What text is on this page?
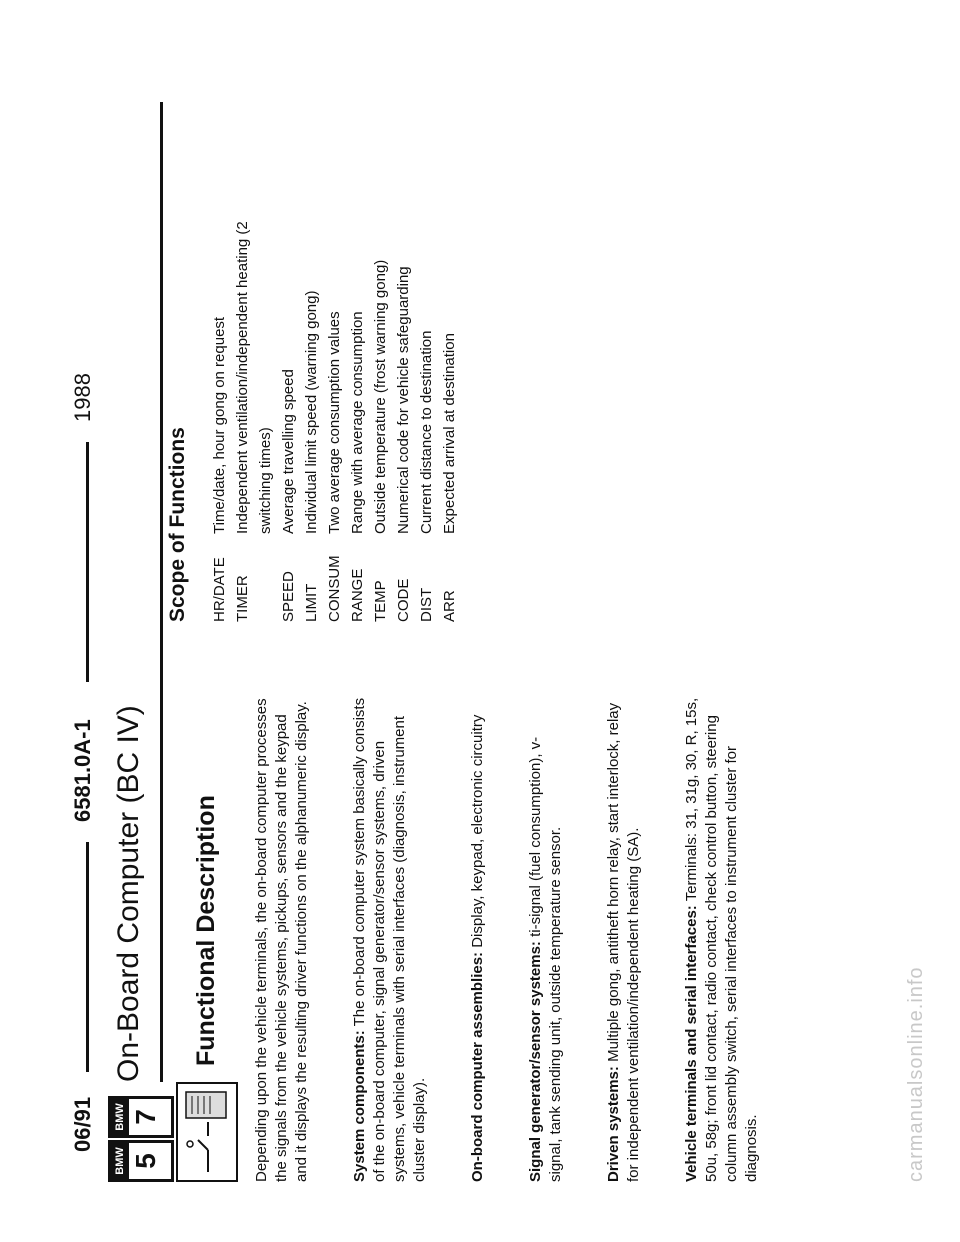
06/91
6581.0A-1
1988
BMW 5
BMW 7
On-Board Computer (BC IV) Functional Description
Scope of Functions

Depending upon the vehicle terminals, the on-board computer processes the signals from the vehicle systems, pickups, sensors and the keypad and it displays the resulting driver functions on the alphanumeric display.	System components: The on-board computer system basically consists of the on-board computer, signal generator/sensor systems, driven systems, vehicle terminals with serial interfaces (diagnosis, instrument cluster display).	On-board computer assemblies: Display, keypad, electronic circuitry

Signal generator/sensor systems: ti-signal (fuel consumption), v-signal, tank sending unit, outside temperature sensor.	Driven systems: Multiple gong, antitheft horn relay, start interlock, relay for independent ventilation/independent heating (SA).	Vehicle terminals and serial interfaces: Terminals: 31, 31g, 30, R, 15s, 50u, 58g; front lid contact, radio contact, check control button, steering column assembly switch, serial interfaces to instrument cluster for diagnosis.

HR/DATE	Time/date, hour gong on request
TIMER	Independent ventilation/independent heating (2 switching times)
SPEED	Average travelling speed
LIMIT	Individual limit speed (warning gong)
CONSUM	Two average consumption values
RANGE	Range with average consumption
TEMP	Outside temperature (frost warning gong)
CODE	Numerical code for vehicle safeguarding
DIST	Current distance to destination
ARR	Expected arrival at destination
carmanualsonline.info
